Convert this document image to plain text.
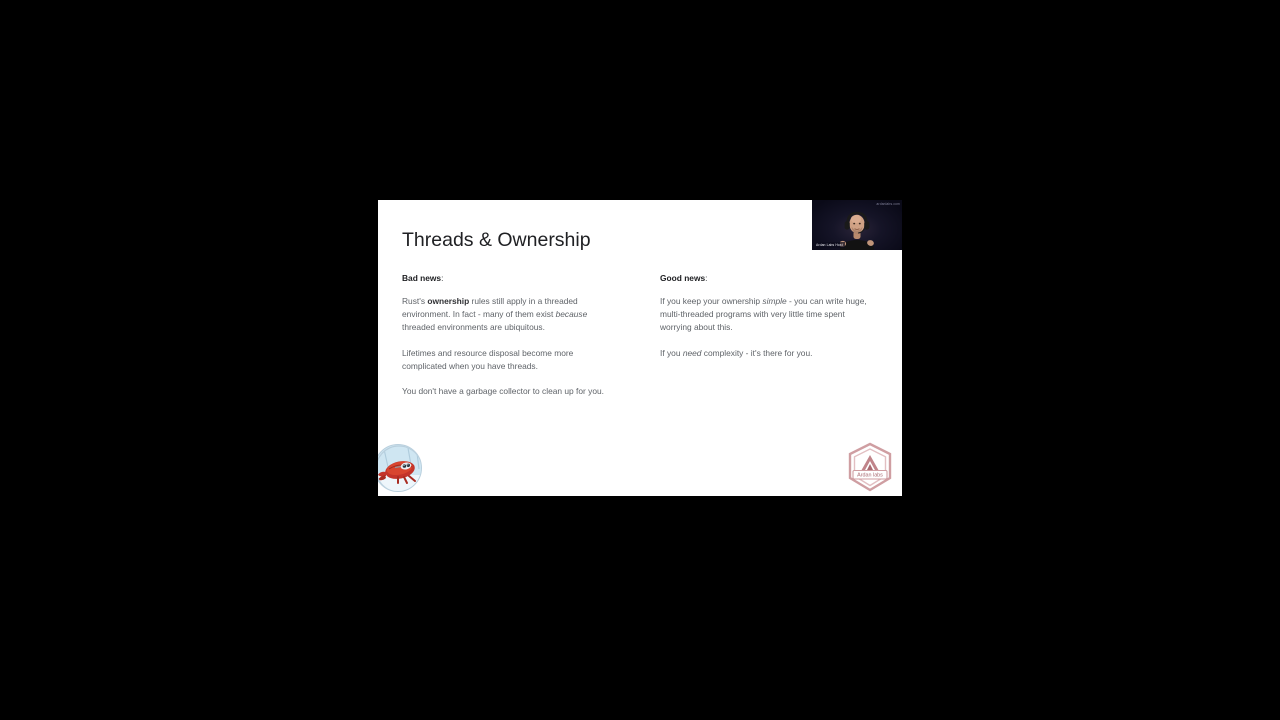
Threads & Ownership

Bad news:

Rust's ownership rules still apply in a threaded environment. In fact - many of them exist because threaded environments are ubiquitous.

Lifetimes and resource disposal become more complicated when you have threads.

You don't have a garbage collector to clean up for you.

Good news:

If you keep your ownership simple - you can write huge, multi-threaded programs with very little time spent worrying about this.

If you need complexity - it's there for you.

Ardan labs
ardanlabs.com
Ardan Labs Host
